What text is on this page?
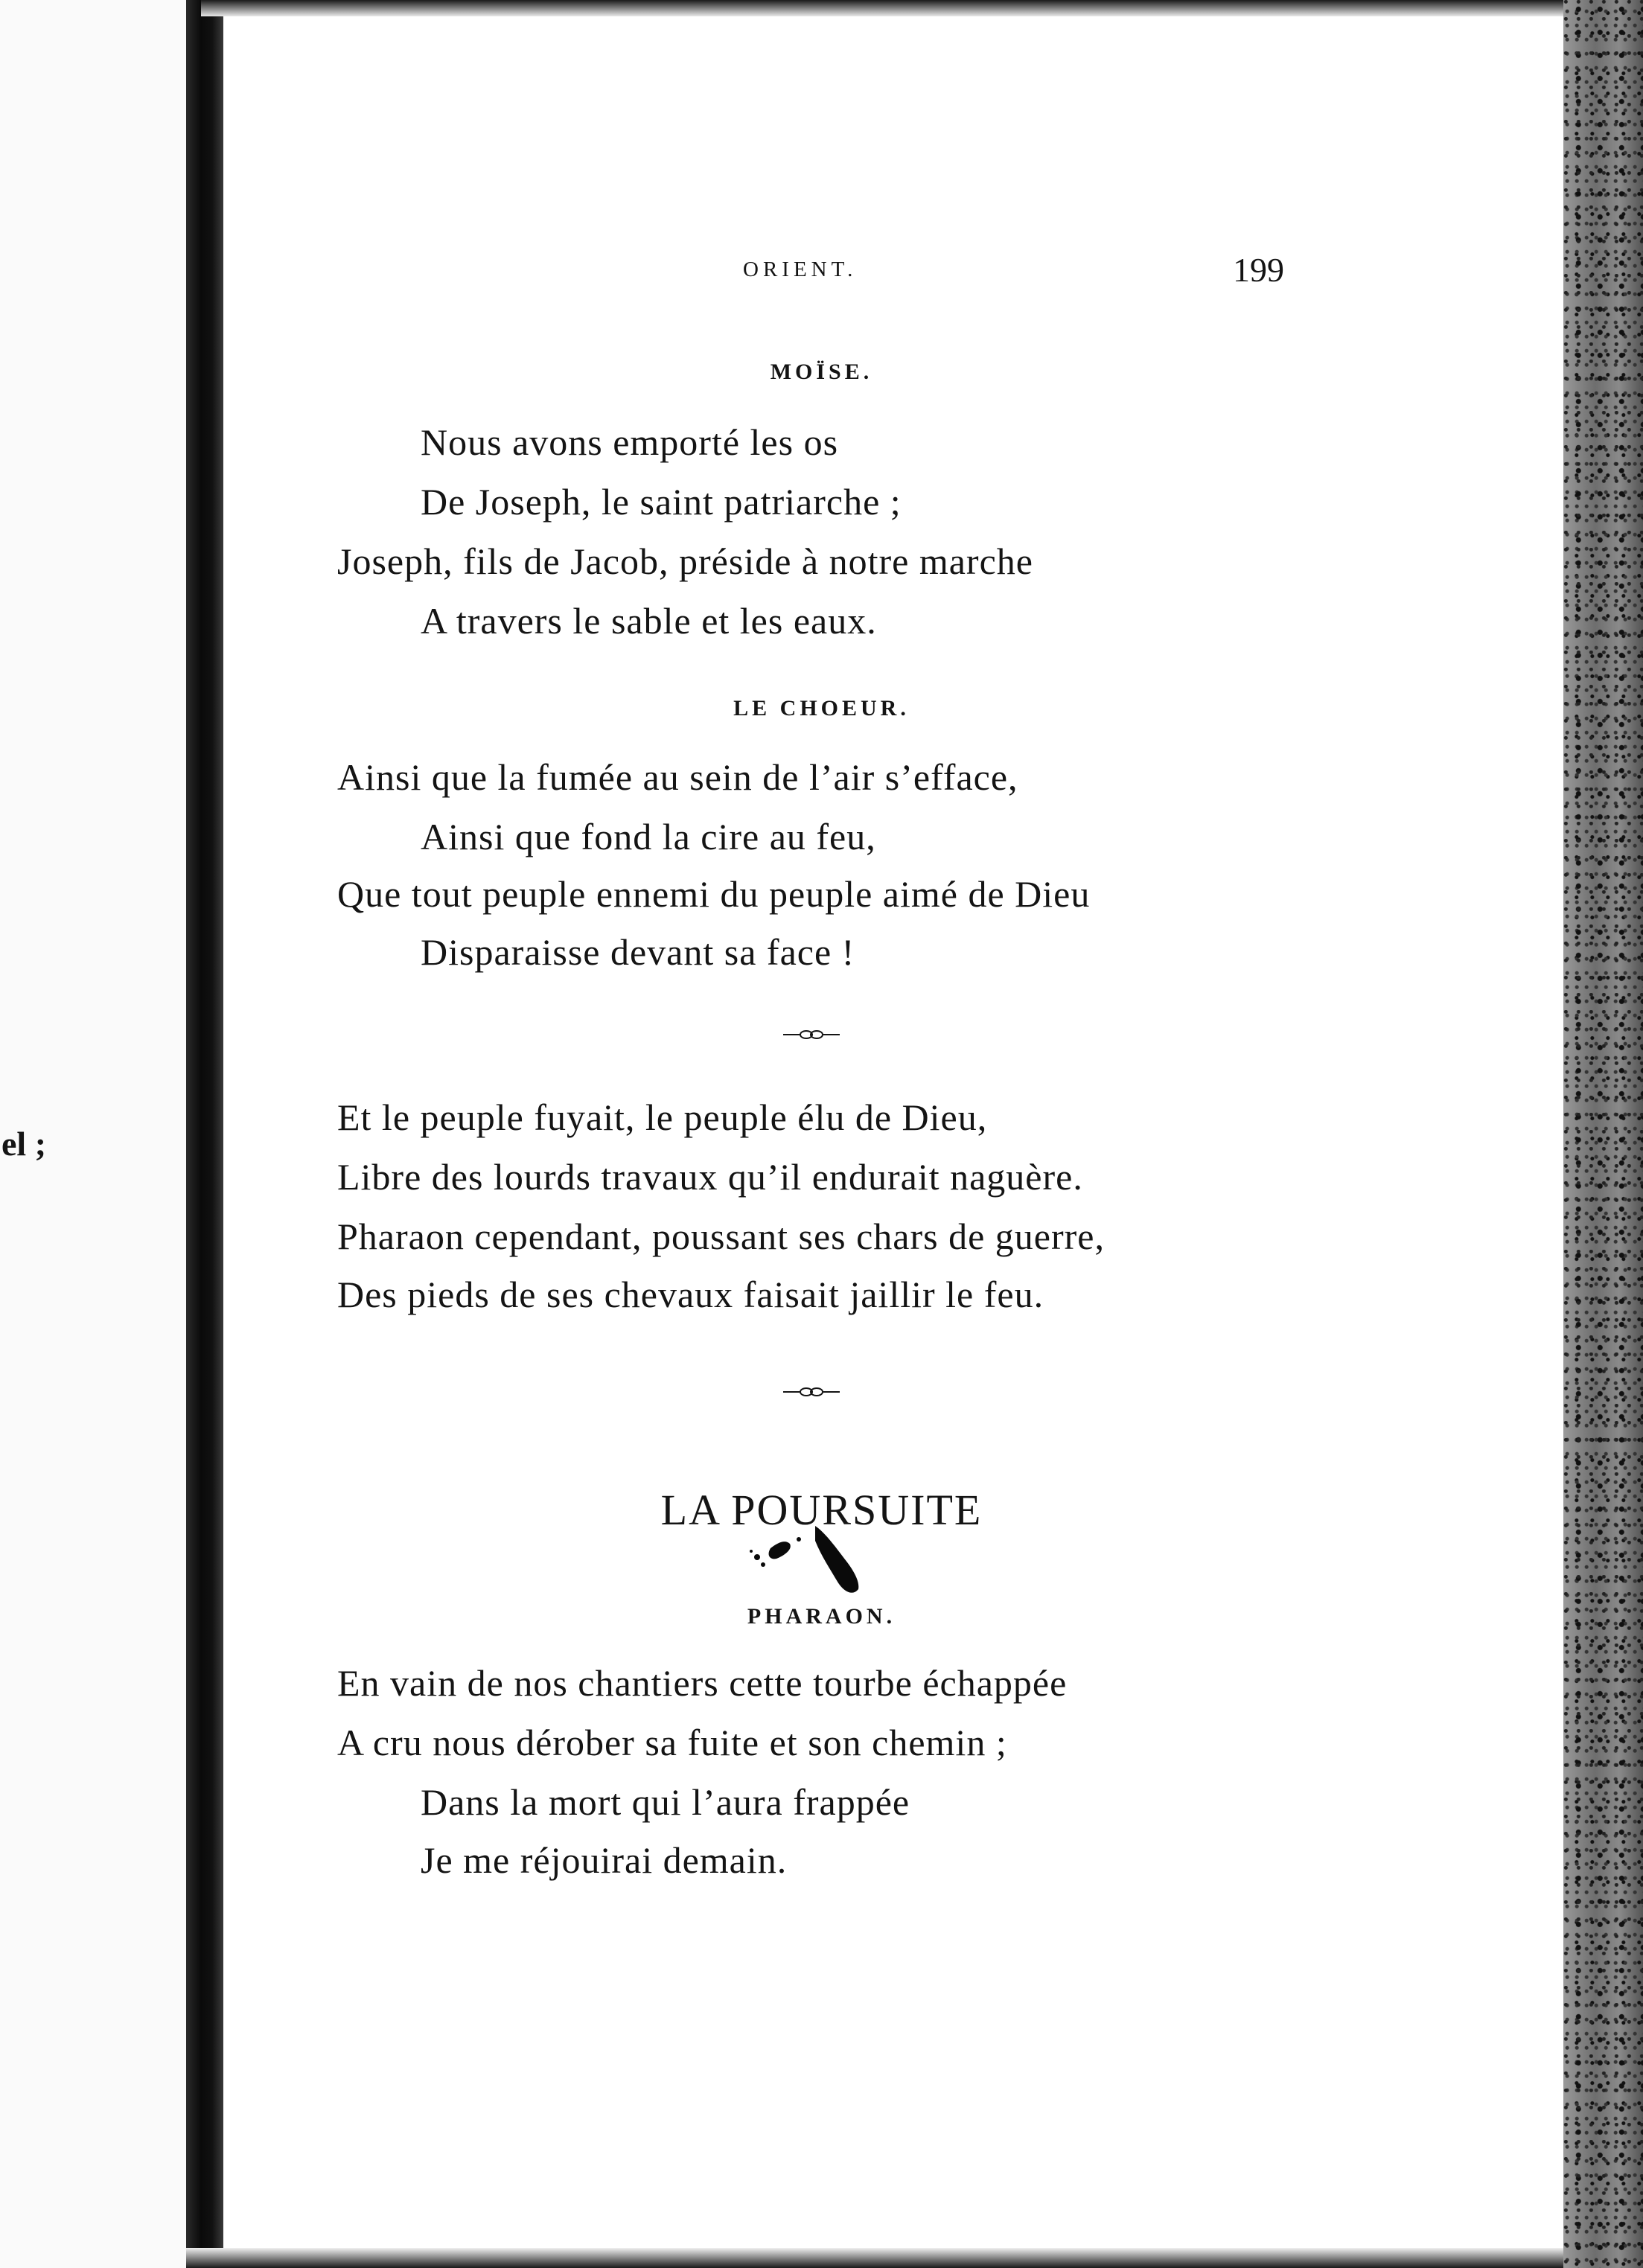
el ;
ORIENT.	199
MOÏSE.
Nous avons emporté les os
De Joseph, le saint patriarche ;
Joseph, fils de Jacob, préside à notre marche
A travers le sable et les eaux.
LE CHOEUR.
Ainsi que la fumée au sein de l’air s’efface,
Ainsi que fond la cire au feu,
Que tout peuple ennemi du peuple aimé de Dieu
Disparaisse devant sa face !
Et le peuple fuyait, le peuple élu de Dieu,
Libre des lourds travaux qu’il endurait naguère.
Pharaon cependant, poussant ses chars de guerre,
Des pieds de ses chevaux faisait jaillir le feu.
LA POURSUITE
PHARAON.
En vain de nos chantiers cette tourbe échappée
A cru nous dérober sa fuite et son chemin ;
Dans la mort qui l’aura frappée
Je me réjouirai demain.
